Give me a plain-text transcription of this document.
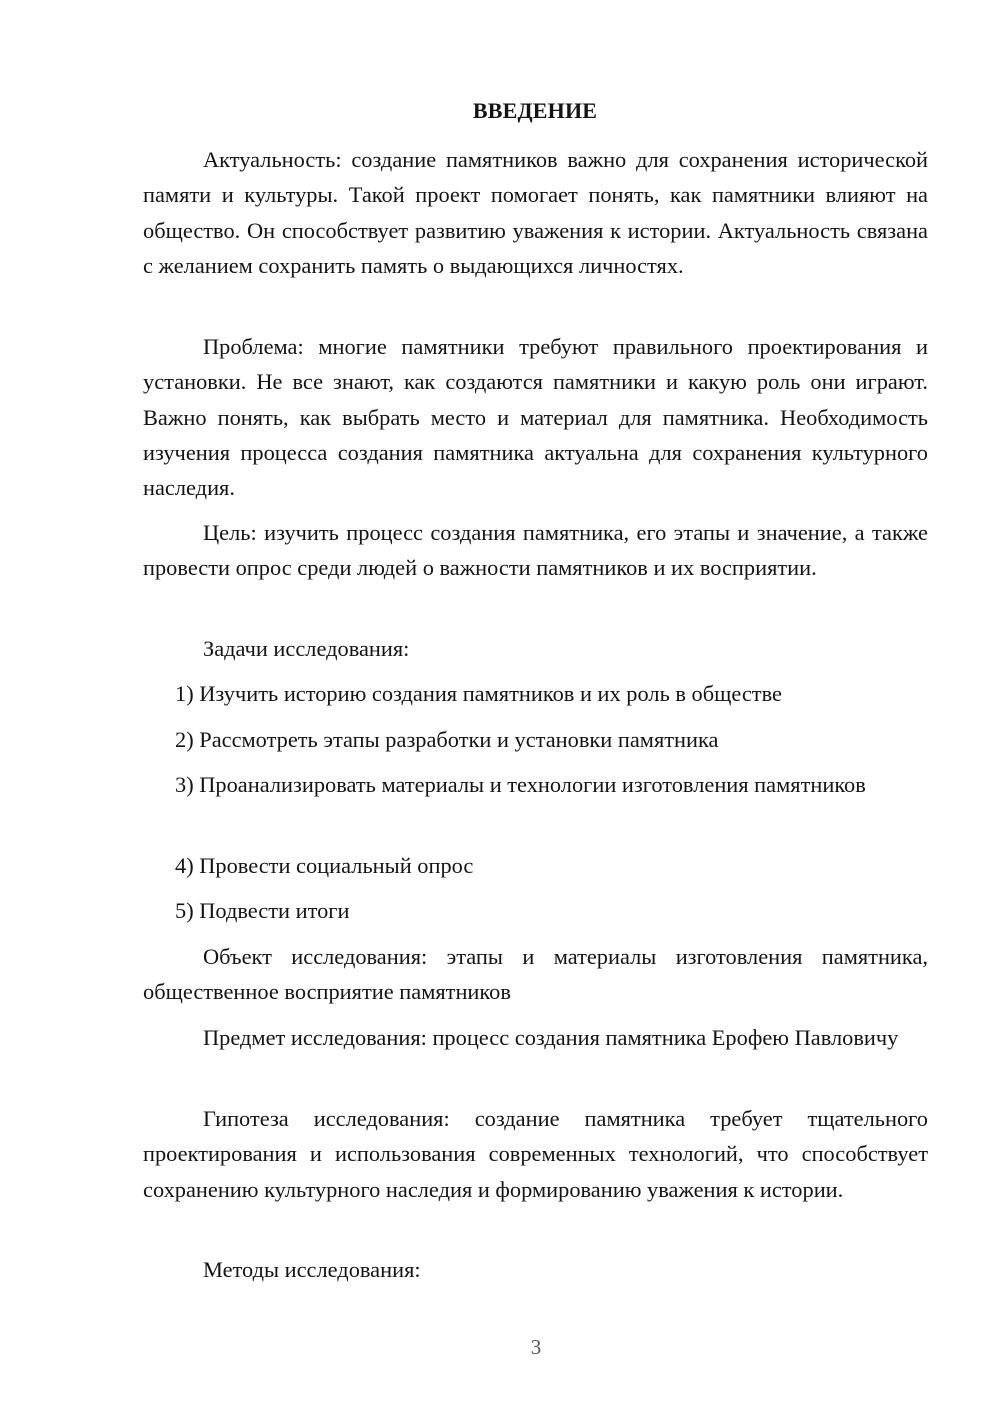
ВВЕДЕНИЕ

Актуальность: создание памятников важно для сохранения исторической памяти и культуры. Такой проект помогает понять, как памятники влияют на общество. Он способствует развитию уважения к истории. Актуальность связана с желанием сохранить память о выдающихся личностях.

Проблема: многие памятники требуют правильного проектирования и установки. Не все знают, как создаются памятники и какую роль они играют. Важно понять, как выбрать место и материал для памятника. Необходимость изучения процесса создания памятника актуальна для сохранения культурного наследия.

Цель: изучить процесс создания памятника, его этапы и значение, а также провести опрос среди людей о важности памятников и их восприятии.

Задачи исследования:

1) Изучить историю создания памятников и их роль в обществе

2) Рассмотреть этапы разработки и установки памятника

3) Проанализировать материалы и технологии изготовления памятников

4) Провести социальный опрос

5) Подвести итоги

Объект исследования: этапы и материалы изготовления памятника, общественное восприятие памятников

Предмет исследования: процесс создания памятника Ерофею Павловичу

Гипотеза исследования: создание памятника требует тщательного проектирования и использования современных технологий, что способствует сохранению культурного наследия и формированию уважения к истории.

Методы исследования:

3
